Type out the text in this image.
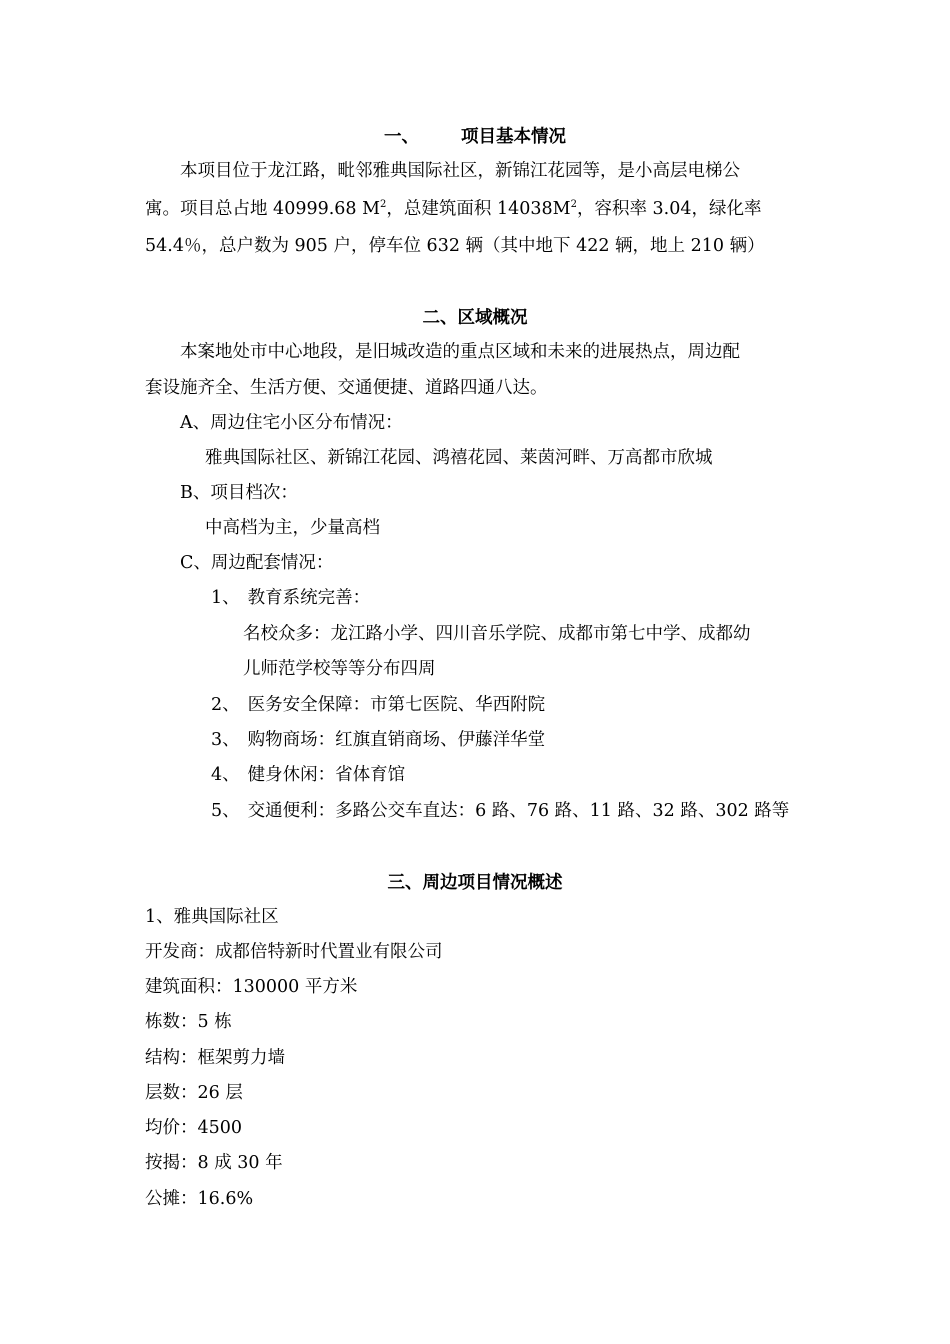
一、 项目基本情况
本项目位于龙江路，毗邻雅典国际社区，新锦江花园等，是小高层电梯公
寓。项目总占地 40999.68 $M^2$，总建筑面积 $14038M^2$，容积率 3.04，绿化率
54.4％，总户数为 905 户，停车位 632 辆（其中地下 422 辆，地上 210 辆）
二、区域概况
本案地处市中心地段，是旧城改造的重点区域和未来的进展热点，周边配
套设施齐全、生活方便、交通便捷、道路四通八达。
A、周边住宅小区分布情况：
雅典国际社区、新锦江花园、鸿禧花园、莱茵河畔、万高都市欣城
B、项目档次：
中高档为主，少量高档
C、周边配套情况：
1、 教育系统完善：
名校众多：龙江路小学、四川音乐学院、成都市第七中学、成都幼
儿师范学校等等分布四周
2、 医务安全保障：市第七医院、华西附院
3、 购物商场：红旗直销商场、伊藤洋华堂
4、 健身休闲：省体育馆
5、 交通便利：多路公交车直达：6 路、76 路、11 路、32 路、302 路等
三、周边项目情况概述
1、雅典国际社区
开发商：成都倍特新时代置业有限公司
建筑面积：130000 平方米
栋数：5 栋
结构：框架剪力墙
层数：26 层
均价：4500
按揭：8 成 30 年
公摊：16.6%
